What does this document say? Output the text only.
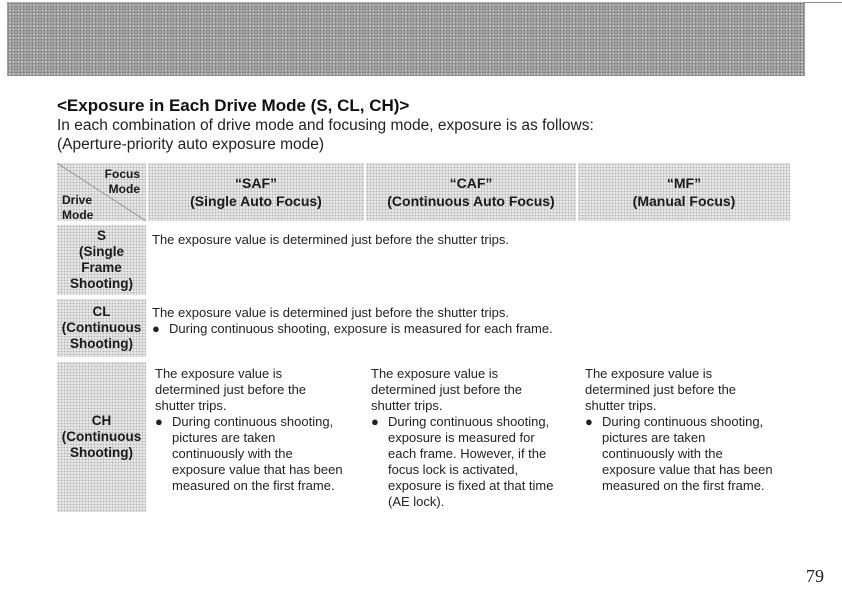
<Exposure in Each Drive Mode (S, CL, CH)>
In each combination of drive mode and focusing mode, exposure is as follows:
(Aperture-priority auto exposure mode)
Focus
Mode
Drive
Mode
“SAF”
(Single Auto Focus)
“CAF”
(Continuous Auto Focus)
“MF”
(Manual Focus)
S
(Single
Frame
Shooting)
CL
(Continuous
Shooting)
CH
(Continuous
Shooting)
The exposure value is determined just before the shutter trips.
The exposure value is determined just before the shutter trips.
● During continuous shooting, exposure is measured for each frame.
The exposure value is
determined just before the
shutter trips.
● During continuous shooting,
pictures are taken
continuously with the
exposure value that has been
measured on the first frame.
The exposure value is
determined just before the
shutter trips.
● During continuous shooting,
exposure is measured for
each frame. However, if the
focus lock is activated,
exposure is fixed at that time
(AE lock).
The exposure value is
determined just before the
shutter trips.
● During continuous shooting,
pictures are taken
continuously with the
exposure value that has been
measured on the first frame.
79
